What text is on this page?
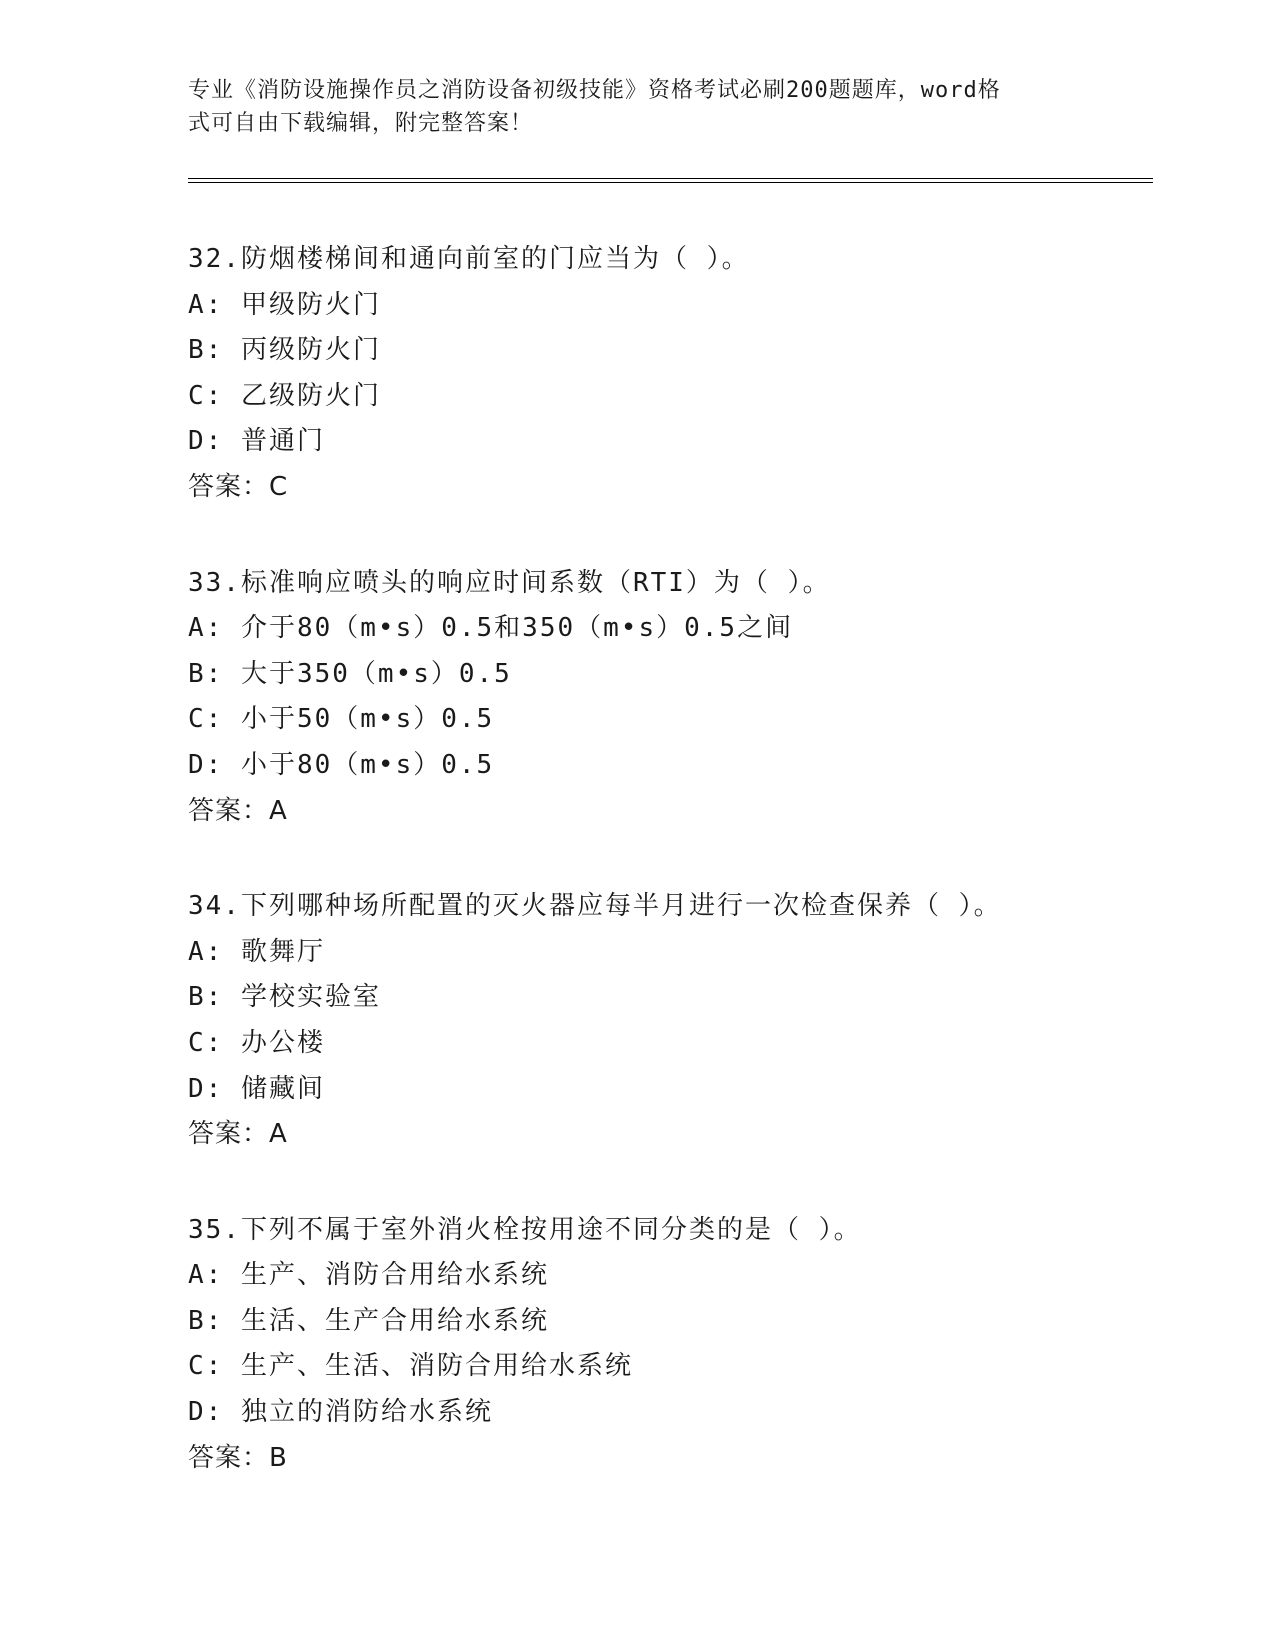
专业《消防设施操作员之消防设备初级技能》资格考试必刷200题题库，word格
式可自由下载编辑，附完整答案！
32.防烟楼梯间和通向前室的门应当为（ ）。
A: 甲级防火门
B: 丙级防火门
C: 乙级防火门
D: 普通门
答案：C
33.标准响应喷头的响应时间系数（RTI）为（ ）。
A: 介于80（m•s）0.5和350（m•s）0.5之间
B: 大于350（m•s）0.5
C: 小于50（m•s）0.5
D: 小于80（m•s）0.5
答案：A
34.下列哪种场所配置的灭火器应每半月进行一次检查保养（ ）。
A: 歌舞厅
B: 学校实验室
C: 办公楼
D: 储藏间
答案：A
35.下列不属于室外消火栓按用途不同分类的是（ ）。
A: 生产、消防合用给水系统
B: 生活、生产合用给水系统
C: 生产、生活、消防合用给水系统
D: 独立的消防给水系统
答案：B
